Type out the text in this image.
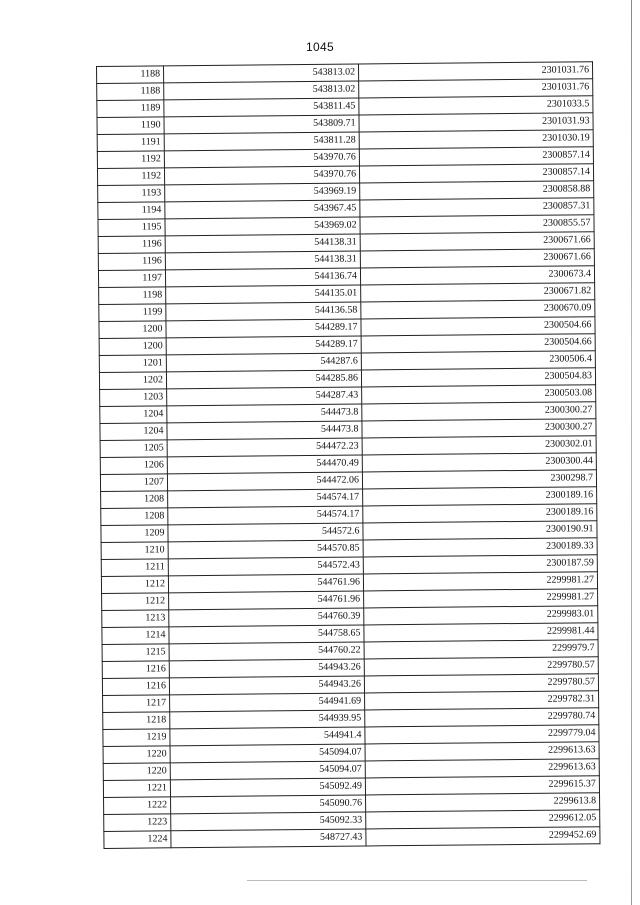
1045
1188	543813.02	2301031.76
1188	543813.02	2301031.76
1189	543811.45	2301033.5
1190	543809.71	2301031.93
1191	543811.28	2301030.19
1192	543970.76	2300857.14
1192	543970.76	2300857.14
1193	543969.19	2300858.88
1194	543967.45	2300857.31
1195	543969.02	2300855.57
1196	544138.31	2300671.66
1196	544138.31	2300671.66
1197	544136.74	2300673.4
1198	544135.01	2300671.82
1199	544136.58	2300670.09
1200	544289.17	2300504.66
1200	544289.17	2300504.66
1201	544287.6	2300506.4
1202	544285.86	2300504.83
1203	544287.43	2300503.08
1204	544473.8	2300300.27
1204	544473.8	2300300.27
1205	544472.23	2300302.01
1206	544470.49	2300300.44
1207	544472.06	2300298.7
1208	544574.17	2300189.16
1208	544574.17	2300189.16
1209	544572.6	2300190.91
1210	544570.85	2300189.33
1211	544572.43	2300187.59
1212	544761.96	2299981.27
1212	544761.96	2299981.27
1213	544760.39	2299983.01
1214	544758.65	2299981.44
1215	544760.22	2299979.7
1216	544943.26	2299780.57
1216	544943.26	2299780.57
1217	544941.69	2299782.31
1218	544939.95	2299780.74
1219	544941.4	2299779.04
1220	545094.07	2299613.63
1220	545094.07	2299613.63
1221	545092.49	2299615.37
1222	545090.76	2299613.8
1223	545092.33	2299612.05
1224	548727.43	2299452.69
